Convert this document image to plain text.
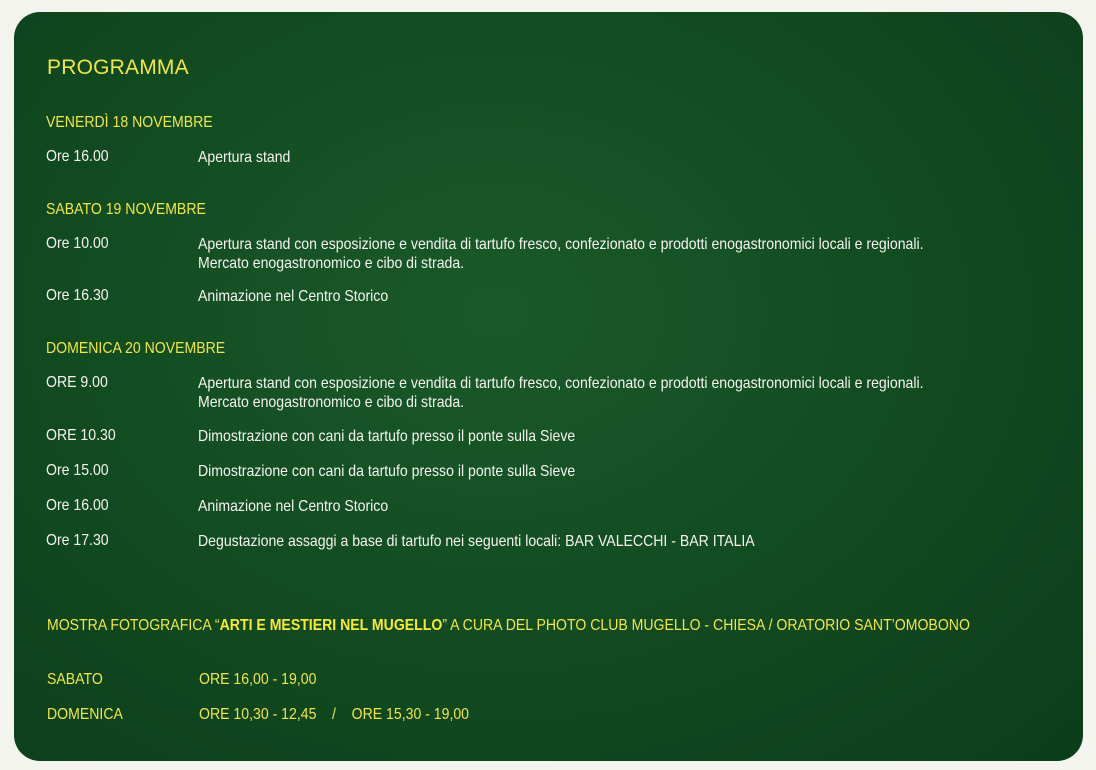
PROGRAMMA
VENERDÌ 18 NOVEMBRE
Ore 16.00	Apertura stand
SABATO 19 NOVEMBRE
Ore 10.00	Apertura stand con esposizione e vendita di tartufo fresco, confezionato e prodotti enogastronomici locali e regionali.
Mercato enogastronomico e cibo di strada.
Ore 16.30	Animazione nel Centro Storico
DOMENICA 20 NOVEMBRE
ORE 9.00	Apertura stand con esposizione e vendita di tartufo fresco, confezionato e prodotti enogastronomici locali e regionali.
Mercato enogastronomico e cibo di strada.
ORE 10.30	Dimostrazione con cani da tartufo presso il ponte sulla Sieve
Ore 15.00	Dimostrazione con cani da tartufo presso il ponte sulla Sieve
Ore 16.00	Animazione nel Centro Storico
Ore 17.30	Degustazione assaggi a base di tartufo nei seguenti locali: BAR VALECCHI - BAR ITALIA
MOSTRA FOTOGRAFICA “ARTI E MESTIERI NEL MUGELLO” A CURA DEL PHOTO CLUB MUGELLO - CHIESA / ORATORIO SANT’OMOBONO
SABATO	ORE 16,00 - 19,00
DOMENICA	ORE 10,30 - 12,45    /    ORE 15,30 - 19,00
